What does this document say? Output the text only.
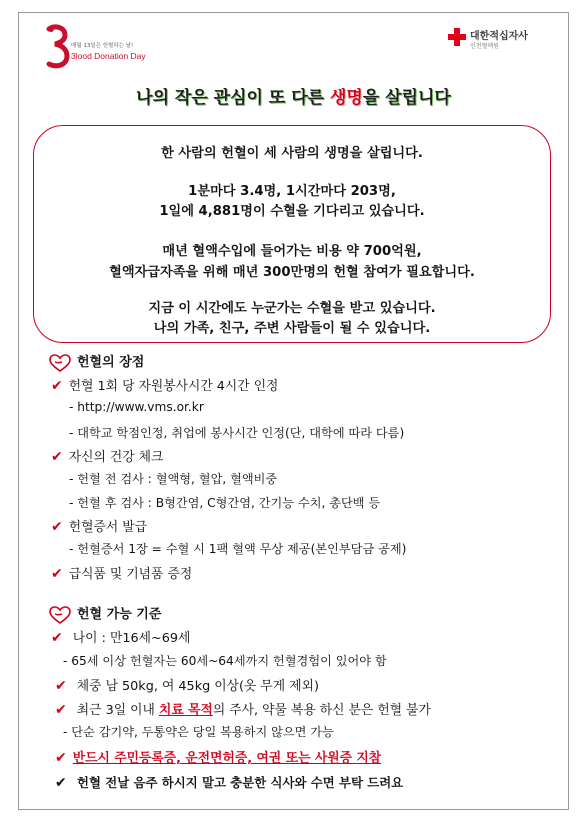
매월 13일은 헌혈하는 날!
3lood Donation Day
대한적십자사
인천혈액원
나의 작은 관심이 또 다른 생명을 살립니다

한 사람의 헌혈이 세 사람의 생명을 살립니다.

1분마다 3.4명, 1시간마다 203명,

1일에 4,881명이 수혈을 기다리고 있습니다.

매년 혈액수입에 들어가는 비용 약 700억원,

혈액자급자족을 위해 매년 300만명의 헌혈 참여가 필요합니다.

지금 이 시간에도 누군가는 수혈을 받고 있습니다.

나의 가족, 친구, 주변 사람들이 될 수 있습니다.

헌혈의 장점
✔ 헌혈 1회 당 자원봉사시간 4시간 인정
- http://www.vms.or.kr
- 대학교 학점인정, 취업에 봉사시간 인정(단, 대학에 따라 다름)
✔ 자신의 건강 체크
- 헌혈 전 검사 : 혈액형, 혈압, 혈액비중
- 헌혈 후 검사 : B형간염, C형간염, 간기능 수치, 총단백 등
✔ 헌혈증서 발급
- 헌혈증서 1장 = 수혈 시 1팩 혈액 무상 제공(본인부담금 공제)
✔ 급식품 및 기념품 증정
헌혈 가능 기준
✔ 나이 : 만16세~69세
- 65세 이상 헌혈자는 60세~64세까지 헌혈경험이 있어야 함
✔ 체중 남 50kg, 여 45kg 이상(옷 무게 제외)
✔ 최근 3일 이내 치료 목적의 주사, 약물 복용 하신 분은 헌혈 불가
- 단순 감기약, 두통약은 당일 복용하지 않으면 가능
✔ 반드시 주민등록증, 운전면허증, 여권 또는 사원증 지참
✔ 헌혈 전날 음주 하시지 말고 충분한 식사와 수면 부탁 드려요
